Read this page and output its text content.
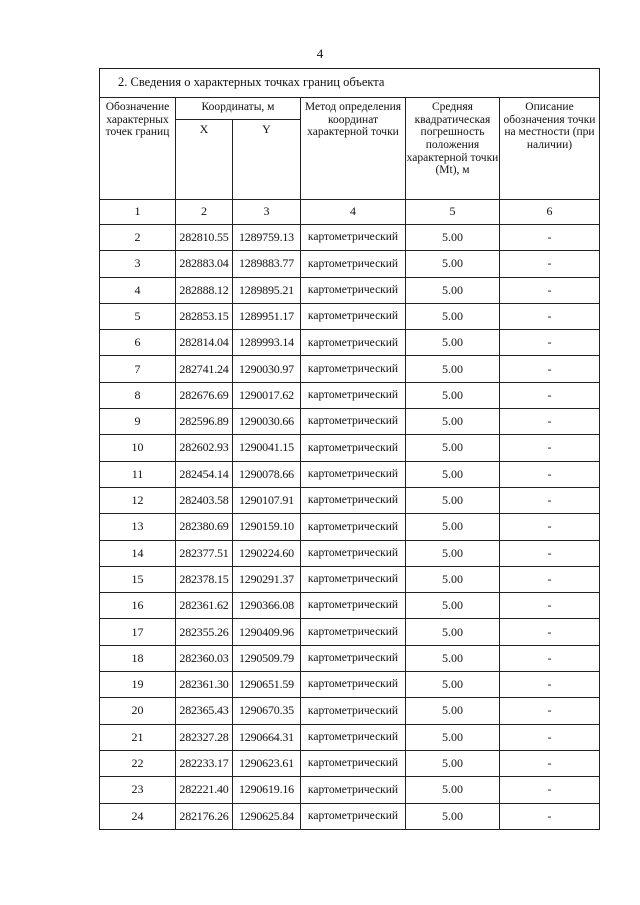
4
2. Сведения о характерных точках границ объекта					
Обозначение характерных точек границ	Координаты, м		Метод определения координат характерной точки	Средняя квадратическая погрешность положения характерной точки (Mt), м	Описание обозначения точки на местности (при наличии)
	X	Y			
1	2	3	4	5	6
2	282810.55	1289759.13	картометрический	5.00	-
3	282883.04	1289883.77	картометрический	5.00	-
4	282888.12	1289895.21	картометрический	5.00	-
5	282853.15	1289951.17	картометрический	5.00	-
6	282814.04	1289993.14	картометрический	5.00	-
7	282741.24	1290030.97	картометрический	5.00	-
8	282676.69	1290017.62	картометрический	5.00	-
9	282596.89	1290030.66	картометрический	5.00	-
10	282602.93	1290041.15	картометрический	5.00	-
11	282454.14	1290078.66	картометрический	5.00	-
12	282403.58	1290107.91	картометрический	5.00	-
13	282380.69	1290159.10	картометрический	5.00	-
14	282377.51	1290224.60	картометрический	5.00	-
15	282378.15	1290291.37	картометрический	5.00	-
16	282361.62	1290366.08	картометрический	5.00	-
17	282355.26	1290409.96	картометрический	5.00	-
18	282360.03	1290509.79	картометрический	5.00	-
19	282361.30	1290651.59	картометрический	5.00	-
20	282365.43	1290670.35	картометрический	5.00	-
21	282327.28	1290664.31	картометрический	5.00	-
22	282233.17	1290623.61	картометрический	5.00	-
23	282221.40	1290619.16	картометрический	5.00	-
24	282176.26	1290625.84	картометрический	5.00	-
